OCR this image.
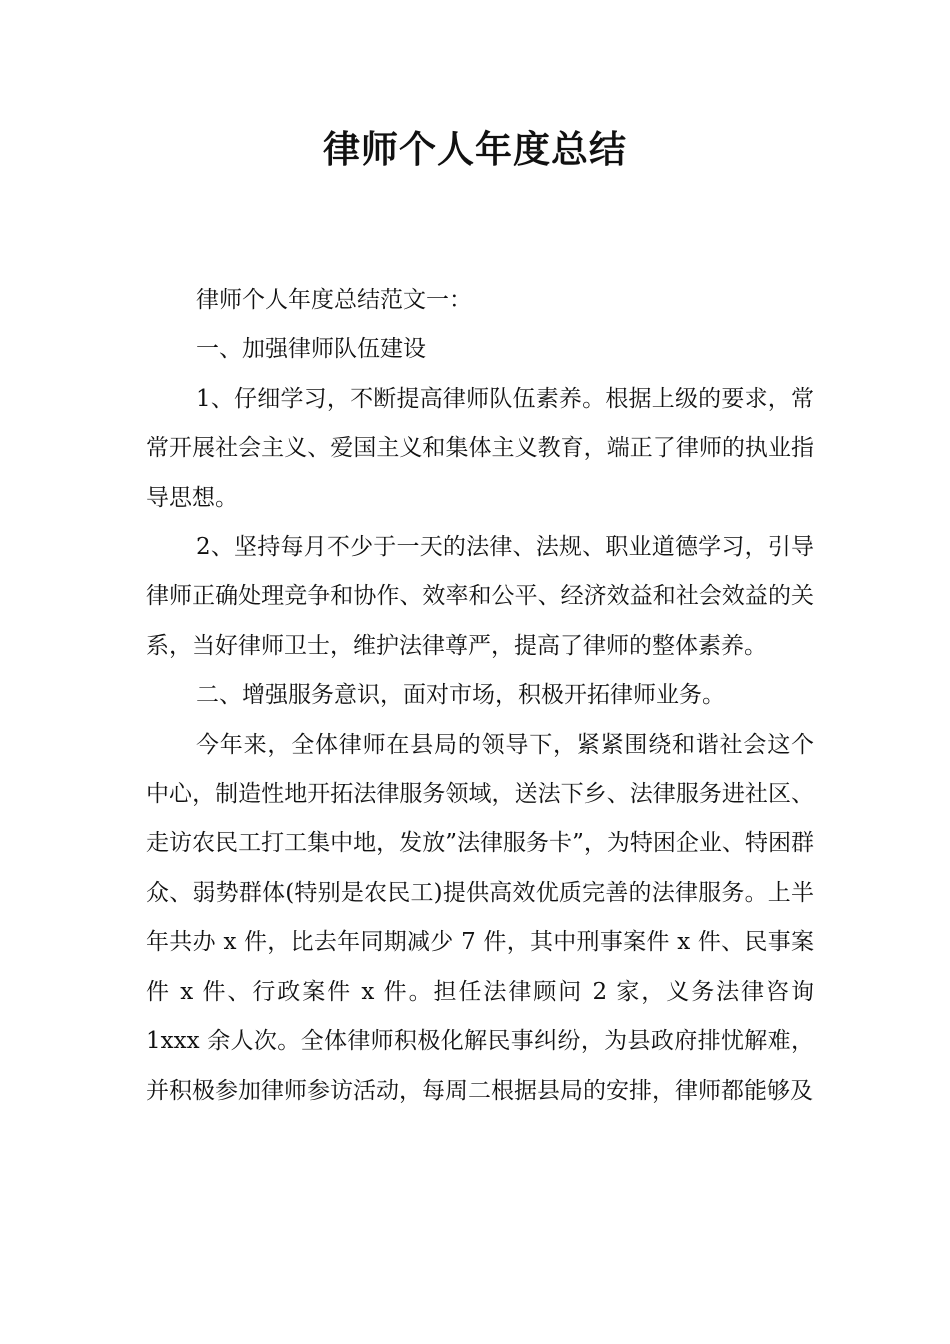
律师个人年度总结

律师个人年度总结范文一：

一、加强律师队伍建设

1、仔细学习，不断提高律师队伍素养。根据上级的要求，常常开展社会主义、爱国主义和集体主义教育，端正了律师的执业指导思想。

2、坚持每月不少于一天的法律、法规、职业道德学习，引导律师正确处理竞争和协作、效率和公平、经济效益和社会效益的关系，当好律师卫士，维护法律尊严，提高了律师的整体素养。

二、增强服务意识，面对市场，积极开拓律师业务。

今年来，全体律师在县局的领导下，紧紧围绕和谐社会这个中心，制造性地开拓法律服务领域，送法下乡、法律服务进社区、走访农民工打工集中地，发放”法律服务卡”，为特困企业、特困群众、弱势群体(特别是农民工)提供高效优质完善的法律服务。上半年共办 x 件，比去年同期减少 7 件，其中刑事案件 x 件、民事案件 x 件、行政案件 x 件。担任法律顾问 2 家，义务法律咨询 1xxx 余人次。全体律师积极化解民事纠纷，为县政府排忧解难，并积极参加律师参访活动，每周二根据县局的安排，律师都能够及
